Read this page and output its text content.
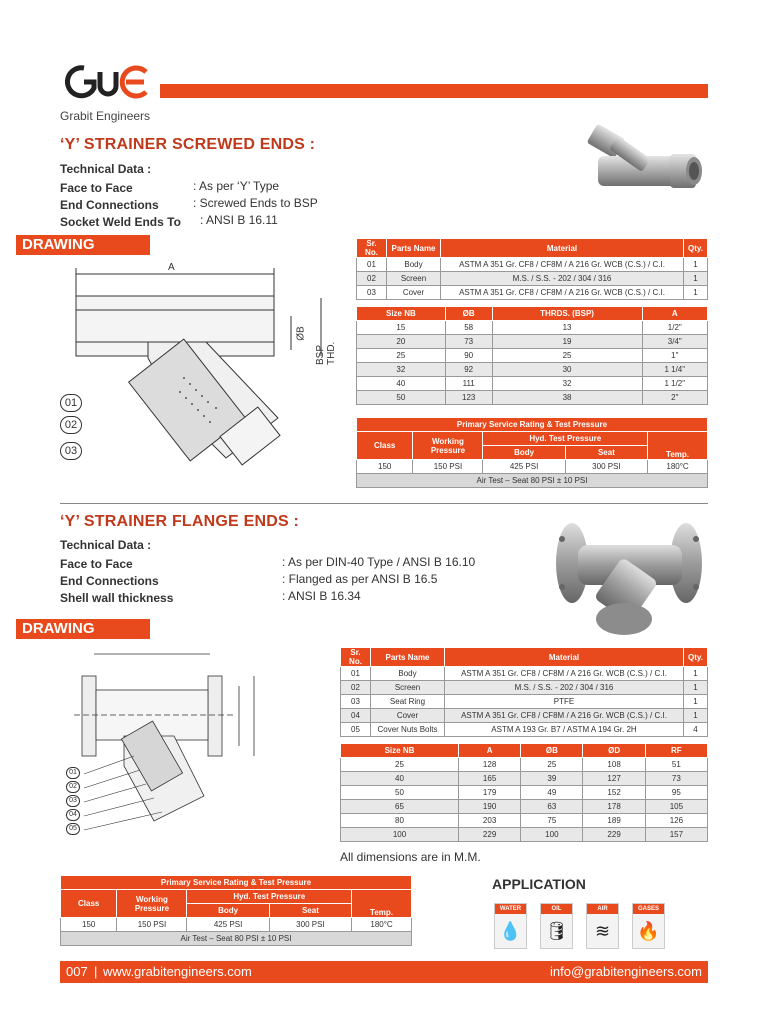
Grabit Engineers
‘Y’ STRAINER SCREWED ENDS :
Technical Data :
Face to Face	: As per ‘Y’ Type
End Connections	: Screwed Ends to BSP
Socket Weld Ends To : ANSI B 16.11
DRAWING
A
ØB
BSP THD.
01
02
03
Sr. No.	Parts Name	Material	Qty.
01	Body	ASTM A 351 Gr. CF8 / CF8M / A 216 Gr. WCB (C.S.) / C.I.	1
02	Screen	M.S. / S.S. - 202 / 304 / 316	1
03	Cover	ASTM A 351 Gr. CF8 / CF8M / A 216 Gr. WCB (C.S.) / C.I.	1
Size NB	ØB	THRDS. (BSP)	A
15	58	13	1/2"
20	73	19	3/4"
25	90	25	1"
32	92	30	1 1/4"
40	111	32	1 1/2"
50	123	38	2"
Primary Service Rating & Test Pressure				
Class	Working Pressure	Hyd. Test Pressure		Temp.
		Body	Seat	
150	150 PSI	425 PSI	300 PSI	180°C
Air Test – Seat 80 PSI ± 10 PSI				
‘Y’ STRAINER FLANGE ENDS :
Technical Data :
Face to Face	: As per DIN-40 Type / ANSI B 16.10
End Connections	: Flanged as per ANSI B 16.5
Shell wall thickness	: ANSI B 16.34
DRAWING
01
02
03
04
05
Sr. No.	Parts Name	Material	Qty.
01	Body	ASTM A 351 Gr. CF8 / CF8M / A 216 Gr. WCB (C.S.) / C.I.	1
02	Screen	M.S. / S.S. - 202 / 304 / 316	1
03	Seat Ring	PTFE	1
04	Cover	ASTM A 351 Gr. CF8 / CF8M / A 216 Gr. WCB (C.S.) / C.I.	1
05	Cover Nuts Bolts	ASTM A 193 Gr. B7 / ASTM A 194 Gr. 2H	4
Size NB	A	ØB	ØD	RF
25	128	25	108	51
40	165	39	127	73
50	179	49	152	95
65	190	63	178	105
80	203	75	189	126
100	229	100	229	157
All dimensions are in M.M.
Primary Service Rating & Test Pressure				
Class	Working Pressure	Hyd. Test Pressure		Temp.
		Body	Seat	
150	150 PSI	425 PSI	300 PSI	180°C
Air Test – Seat 80 PSI ± 10 PSI				
APPLICATION
WATER
💧
OIL
🛢
AIR
≋
GASES
🔥
007 | www.grabitengineers.com	info@grabitengineers.com
